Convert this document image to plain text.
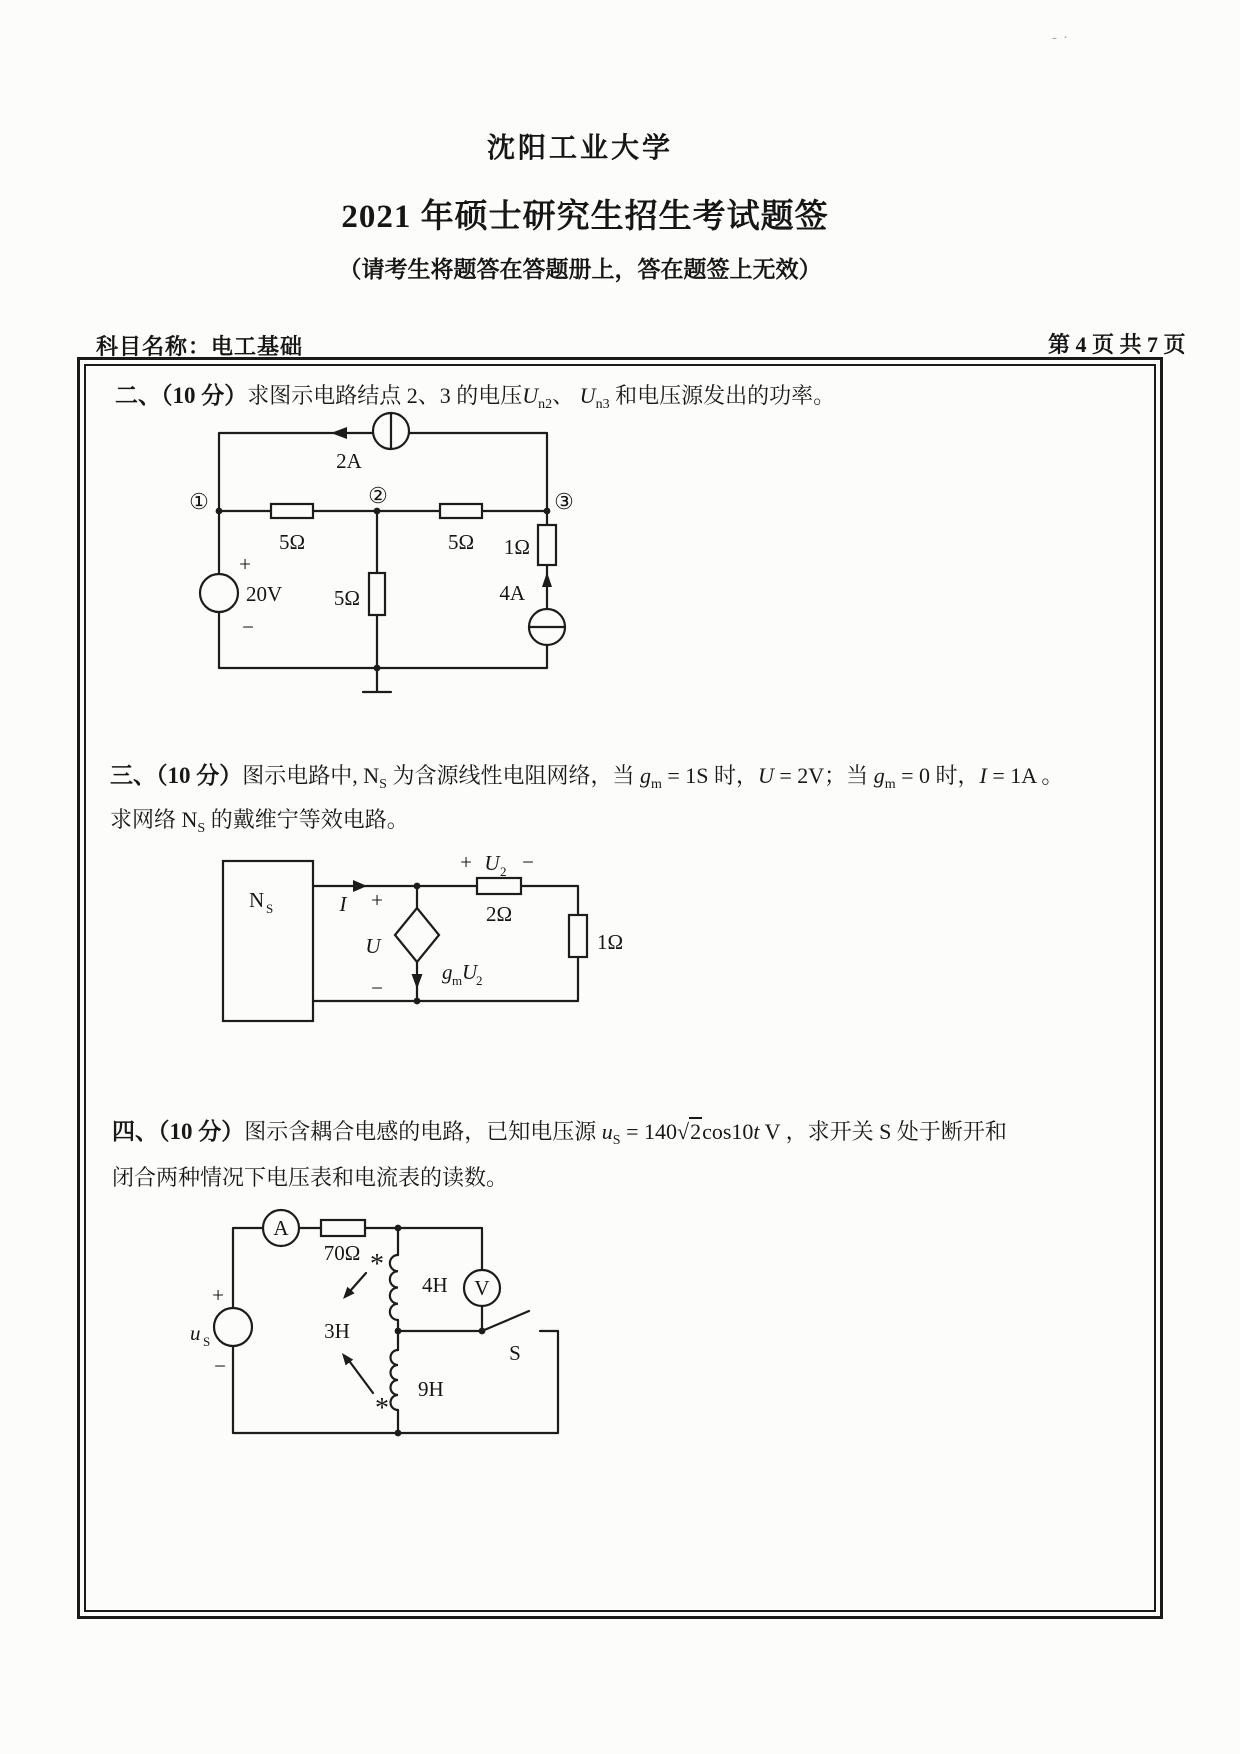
沈阳工业大学
2021 年硕士研究生招生考试题签
（请考生将题答在答题册上，答在题签上无效）
科目名称：电工基础	第 4 页 共 7 页
-·
二、（10 分）求图示电路结点 2、3 的电压$U_{n2}$、 $U_{n3}$ 和电压源发出的功率。
①	②	③
2A
5Ω	5Ω
5Ω
1Ω
4A
+
20V
−
三、（10 分）图示电路中, $N_S$ 为含源线性电阻网络，当 $g_m = 1S$ 时，U = 2V；当 $g_m = 0$ 时，I = 1A 。
求网络 $N_S$ 的戴维宁等效电路。
N S	I +
U
−
+ U 2 −
2Ω
1Ω
g m U
2
四、（10 分）图示含耦合电感的电路，已知电压源 $u_S = 140√2\cos 10t$ V ，求开关 S 处于断开和
闭合两种情况下电压表和电流表的读数。
A
V
*
*
70Ω
4H
9H
3H
S
+
u S
−
